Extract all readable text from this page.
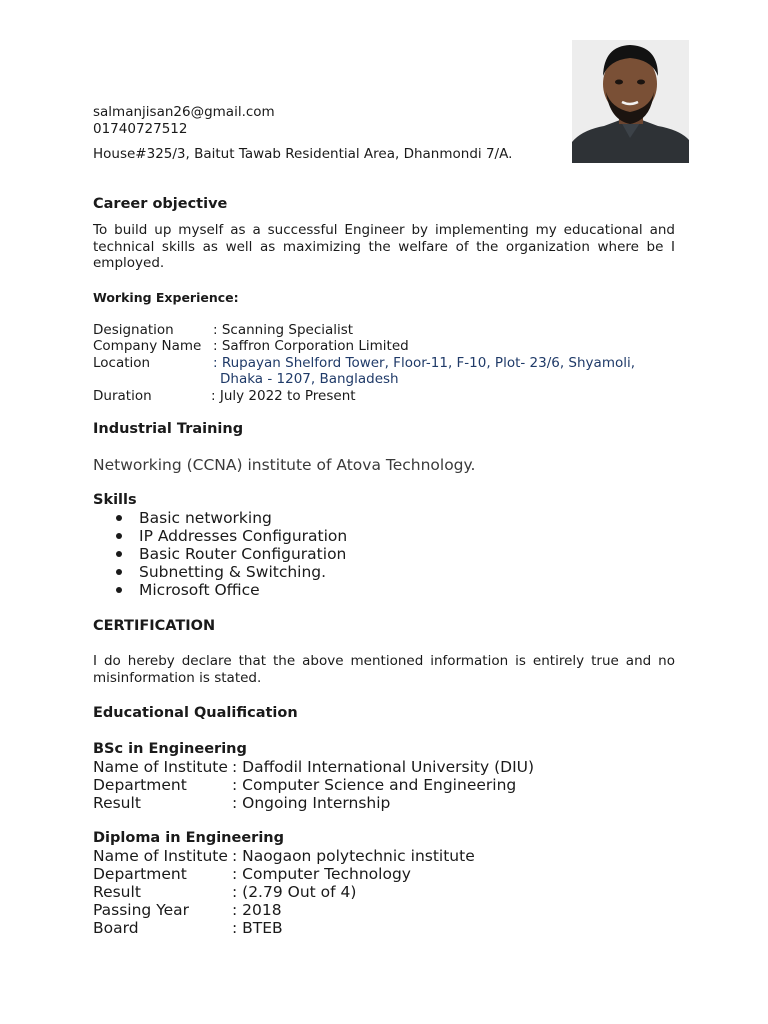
salmanjisan26@gmail.com
01740727512
House#325/3, Baitut Tawab Residential Area, Dhanmondi 7/A.
Career objective
To build up myself as a successful Engineer by implementing my educational and technical skills as well as maximizing the welfare of the organization where be I employed.
Working Experience:
Designation	: Scanning Specialist
Company Name : Saffron Corporation Limited
Location	: Rupayan Shelford Tower, Floor-11, F-10, Plot- 23/6, Shyamoli,
Dhaka - 1207, Bangladesh
Duration	: July 2022 to Present
Industrial Training
Networking (CCNA) institute of Atova Technology.
Skills
Basic networking
IP Addresses Configuration
Basic Router Configuration
Subnetting & Switching.
Microsoft Office
CERTIFICATION
I do hereby declare that the above mentioned information is entirely true and no misinformation is stated.
Educational Qualification
BSc in Engineering
Name of Institute : Daffodil International University (DIU)
Department	: Computer Science and Engineering
Result	: Ongoing Internship
Diploma in Engineering
Name of Institute : Naogaon polytechnic institute
Department	: Computer Technology
Result	: (2.79 Out of 4)
Passing Year	: 2018
Board	: BTEB
